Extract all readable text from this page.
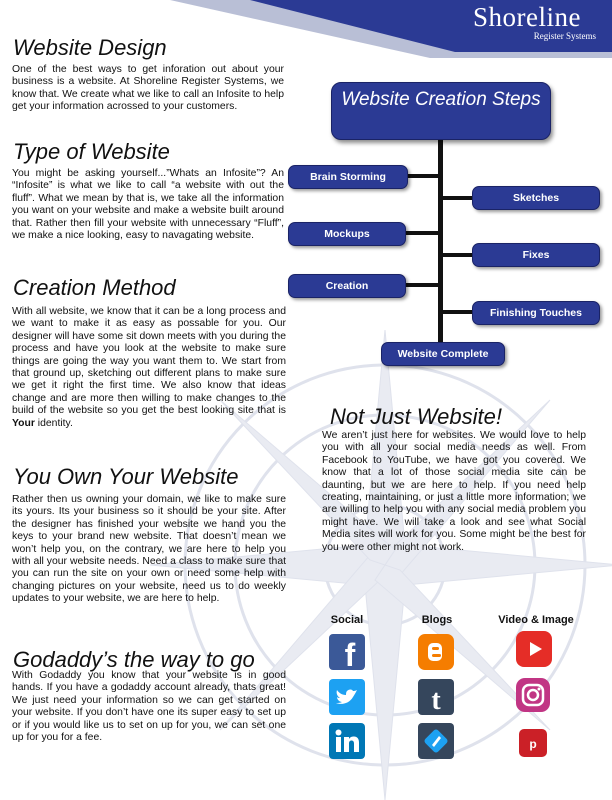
Shoreline
Register Systems
Website Design

One of the best ways to get inforation out about your business is a website. At Shoreline Register Systems, we know that. We create what we like to call an Infosite to help get your information acrossed to your customers.

Type of Website

You might be asking yourself...”Whats an Infosite”? An “Infosite” is what we like to call “a website with out the fluff”. What we mean by that is, we take all the information you want on your website and make a website built around that. Rather then fill your website with unnecessary “Fluff”, we make a nice looking, easy to navagating website.

Creation Method

With all website, we know that it can be a long process and we want to make it as easy as possable for you. Our designer will have some sit down meets with you during the process and have you look at the website to make sure things are going the way you want them to. We start from that ground up, sketching out different plans to make sure we get it right the first time. We also know that ideas change and are more then willing to make changes to the build of the website so you get the best looking site that is Your identity.

You Own Your Website

Rather then us owning your domain, we like to make sure its yours. Its your business so it should be your site. After the designer has finished your website we hand you the keys to your brand new website. That doesn’t mean we won’t help you, on the contrary, we are here to help you with all your website needs. Need a class to make sure that you can run the site on your own or need some help with changing pictures on your website, need us to do weekly updates to your website, we are here to help.

Godaddy’s the way to go

With Godaddy you know that your website is in good hands. If you have a godaddy account already, thats great! We just need your information so we can get started on your website. If you don’t have one its super easy to set up or if you would like us to set on up for you, we can set one up for you for a fee.

Website Creation Steps
Brain Storming
Sketches
Mockups
Fixes
Creation
Finishing Touches
Website Complete
Not Just Website!

We aren’t just here for websites. We would love to help you with all your social media needs as well. From Facebook to YouTube, we have got you covered. We know that a lot of those social media site can be daunting, but we are here to help. If you need help creating, maintaining, or just a little more information; we are willing to help you with any social media problem you might have. We will take a look and see what Social Media sites will work for you. Some might be the best for you were other might not work.

Social	Blogs	Video & Image
f
t
p
